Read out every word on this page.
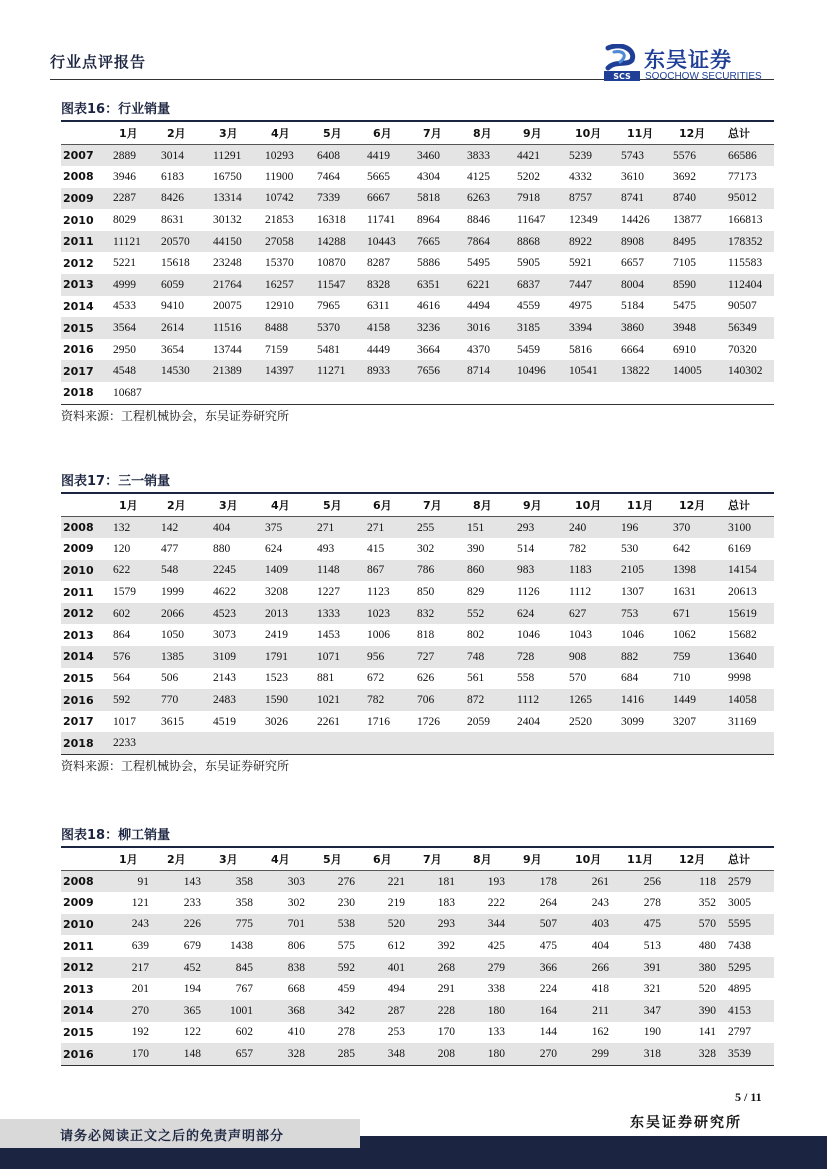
行业点评报告
SCS
东吴证券
SOOCHOW SECURITIES
图表16：行业销量
	1月	2月	3月	4月	5月	6月	7月	8月	9月	10月	11月	12月	总计
2007	2889	3014	11291	10293	6408	4419	3460	3833	4421	5239	5743	5576	66586
2008	3946	6183	16750	11900	7464	5665	4304	4125	5202	4332	3610	3692	77173
2009	2287	8426	13314	10742	7339	6667	5818	6263	7918	8757	8741	8740	95012
2010	8029	8631	30132	21853	16318	11741	8964	8846	11647	12349	14426	13877	166813
2011	11121	20570	44150	27058	14288	10443	7665	7864	8868	8922	8908	8495	178352
2012	5221	15618	23248	15370	10870	8287	5886	5495	5905	5921	6657	7105	115583
2013	4999	6059	21764	16257	11547	8328	6351	6221	6837	7447	8004	8590	112404
2014	4533	9410	20075	12910	7965	6311	4616	4494	4559	4975	5184	5475	90507
2015	3564	2614	11516	8488	5370	4158	3236	3016	3185	3394	3860	3948	56349
2016	2950	3654	13744	7159	5481	4449	3664	4370	5459	5816	6664	6910	70320
2017	4548	14530	21389	14397	11271	8933	7656	8714	10496	10541	13822	14005	140302
2018	10687												
资料来源：工程机械协会，东吴证券研究所
图表17：三一销量
	1月	2月	3月	4月	5月	6月	7月	8月	9月	10月	11月	12月	总计
2008	132	142	404	375	271	271	255	151	293	240	196	370	3100
2009	120	477	880	624	493	415	302	390	514	782	530	642	6169
2010	622	548	2245	1409	1148	867	786	860	983	1183	2105	1398	14154
2011	1579	1999	4622	3208	1227	1123	850	829	1126	1112	1307	1631	20613
2012	602	2066	4523	2013	1333	1023	832	552	624	627	753	671	15619
2013	864	1050	3073	2419	1453	1006	818	802	1046	1043	1046	1062	15682
2014	576	1385	3109	1791	1071	956	727	748	728	908	882	759	13640
2015	564	506	2143	1523	881	672	626	561	558	570	684	710	9998
2016	592	770	2483	1590	1021	782	706	872	1112	1265	1416	1449	14058
2017	1017	3615	4519	3026	2261	1716	1726	2059	2404	2520	3099	3207	31169
2018	2233												
资料来源：工程机械协会，东吴证券研究所
图表18：柳工销量
	1月	2月	3月	4月	5月	6月	7月	8月	9月	10月	11月	12月	总计
2008	91	143	358	303	276	221	181	193	178	261	256	118	2579
2009	121	233	358	302	230	219	183	222	264	243	278	352	3005
2010	243	226	775	701	538	520	293	344	507	403	475	570	5595
2011	639	679	1438	806	575	612	392	425	475	404	513	480	7438
2012	217	452	845	838	592	401	268	279	366	266	391	380	5295
2013	201	194	767	668	459	494	291	338	224	418	321	520	4895
2014	270	365	1001	368	342	287	228	180	164	211	347	390	4153
2015	192	122	602	410	278	253	170	133	144	162	190	141	2797
2016	170	148	657	328	285	348	208	180	270	299	318	328	3539
5 / 11
东吴证券研究所
请务必阅读正文之后的免责声明部分
